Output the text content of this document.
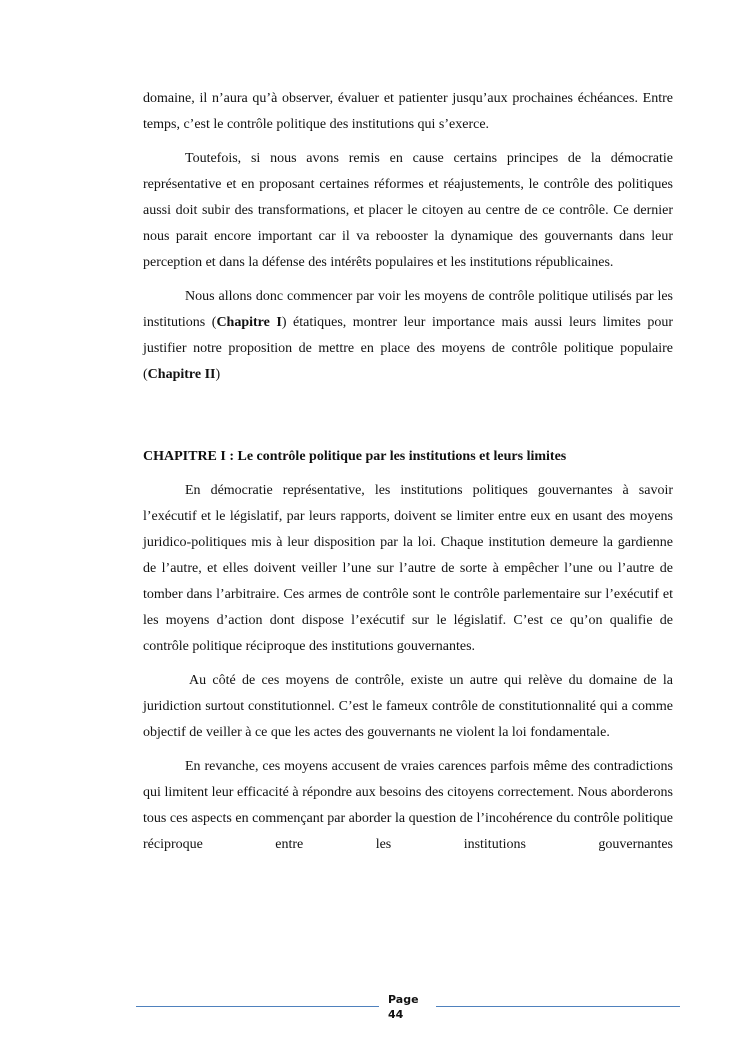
domaine, il n’aura qu’à observer, évaluer et patienter jusqu’aux prochaines échéances. Entre temps, c’est le contrôle politique des institutions qui s’exerce.

Toutefois, si nous avons remis en cause certains principes de la démocratie représentative et en proposant certaines réformes et réajustements, le contrôle des politiques aussi doit subir des transformations, et placer le citoyen au centre de ce contrôle. Ce dernier nous parait encore important car il va rebooster la dynamique des gouvernants dans leur perception et dans la défense des intérêts populaires et les institutions républicaines.

Nous allons donc commencer par voir les moyens de contrôle politique utilisés par les institutions (Chapitre I) étatiques, montrer leur importance mais aussi leurs limites pour justifier notre proposition de mettre en place des moyens de contrôle politique populaire (Chapitre II)

CHAPITRE I : Le contrôle politique par les institutions et leurs limites

En démocratie représentative, les institutions politiques gouvernantes à savoir l’exécutif et le législatif, par leurs rapports, doivent se limiter entre eux en usant des moyens juridico-politiques mis à leur disposition par la loi. Chaque institution demeure la gardienne de l’autre, et elles doivent veiller l’une sur l’autre de sorte à empêcher l’une ou l’autre de tomber dans l’arbitraire. Ces armes de contrôle sont le contrôle parlementaire sur l’exécutif et les moyens d’action dont dispose l’exécutif sur le législatif. C’est ce qu’on qualifie de contrôle politique réciproque des institutions gouvernantes.

Au côté de ces moyens de contrôle, existe un autre qui relève du domaine de la juridiction surtout constitutionnel. C’est le fameux contrôle de constitutionnalité qui a comme objectif de veiller à ce que les actes des gouvernants ne violent la loi fondamentale.

En revanche, ces moyens accusent de vraies carences parfois même des contradictions qui limitent leur efficacité à répondre aux besoins des citoyens correctement. Nous aborderons tous ces aspects en commençant par aborder la question de l’incohérence du contrôle politique réciproque entre les institutions gouvernantes

Page
44
